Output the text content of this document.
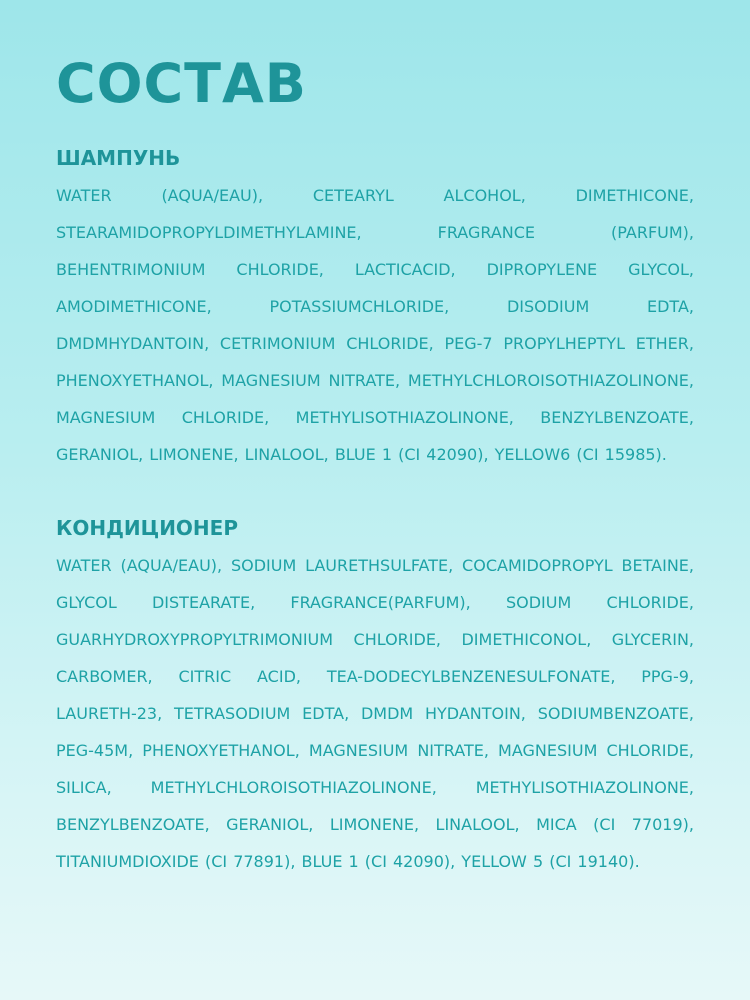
СОСТАВ
ШАМПУНЬ

WATER (AQUA/EAU), CETEARYL ALCOHOL, DIMETHICONE, STEARAMIDOPROPYLDIMETHYLAMINE, FRAGRANCE (PARFUM), BEHENTRIMONIUM CHLORIDE, LACTICACID, DIPROPYLENE GLYCOL, AMODIMETHICONE, POTASSIUMCHLORIDE, DISODIUM EDTA, DMDMHYDANTOIN, CETRIMONIUM CHLORIDE, PEG-7 PROPYLHEPTYL ETHER, PHENOXYETHANOL, MAGNESIUM NITRATE, METHYLCHLOROISOTHIAZOLINONE, MAGNESIUM CHLORIDE, METHYLISOTHIAZOLINONE, BENZYLBENZOATE, GERANIOL, LIMONENE, LINALOOL, BLUE 1 (CI 42090), YELLOW6 (CI 15985).

КОНДИЦИОНЕР

WATER (AQUA/EAU), SODIUM LAURETHSULFATE, COCAMIDOPROPYL BETAINE, GLYCOL DISTEARATE, FRAGRANCE(PARFUM), SODIUM CHLORIDE, GUARHYDROXYPROPYLTRIMONIUM CHLORIDE, DIMETHICONOL, GLYCERIN, CARBOMER, CITRIC ACID, TEA-DODECYLBENZENESULFONATE, PPG-9, LAURETH-23, TETRASODIUM EDTA, DMDM HYDANTOIN, SODIUMBENZOATE, PEG-45M, PHENOXYETHANOL, MAGNESIUM NITRATE, MAGNESIUM CHLORIDE, SILICA, METHYLCHLOROISOTHIAZOLINONE, METHYLISOTHIAZOLINONE, BENZYLBENZOATE, GERANIOL, LIMONENE, LINALOOL, MICA (CI 77019), TITANIUMDIOXIDE (CI 77891), BLUE 1 (CI 42090), YELLOW 5 (CI 19140).
